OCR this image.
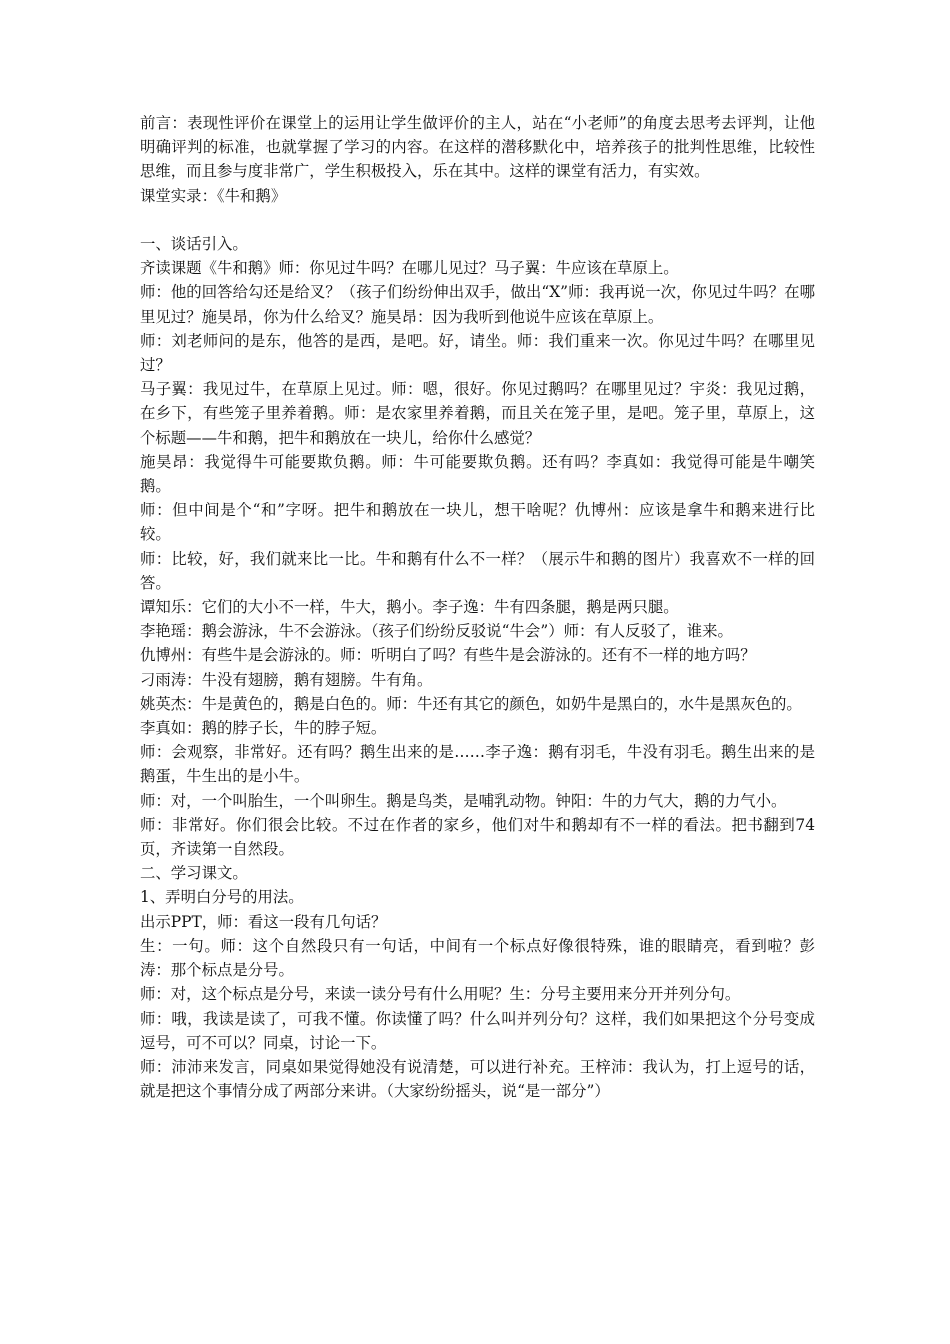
前言：表现性评价在课堂上的运用让学生做评价的主人，站在“小老师”的角度去思考去评判，让他明确评判的标准，也就掌握了学习的内容。在这样的潜移默化中，培养孩子的批判性思维，比较性思维，而且参与度非常广，学生积极投入，乐在其中。这样的课堂有活力，有实效。

课堂实录：《牛和鹅》

一、谈话引入。

齐读课题《牛和鹅》师：你见过牛吗？在哪儿见过？马子翼：牛应该在草原上。

师：他的回答给勾还是给叉？（孩子们纷纷伸出双手，做出“X”师：我再说一次，你见过牛吗？在哪里见过？施昊昂，你为什么给叉？施昊昂：因为我听到他说牛应该在草原上。

师：刘老师问的是东，他答的是西，是吧。好，请坐。师：我们重来一次。你见过牛吗？在哪里见过？

马子翼：我见过牛，在草原上见过。师：嗯，很好。你见过鹅吗？在哪里见过？宇炎：我见过鹅，在乡下，有些笼子里养着鹅。师：是农家里养着鹅，而且关在笼子里，是吧。笼子里，草原上，这个标题——牛和鹅，把牛和鹅放在一块儿，给你什么感觉？

施昊昂：我觉得牛可能要欺负鹅。师：牛可能要欺负鹅。还有吗？李真如：我觉得可能是牛嘲笑鹅。

师：但中间是个“和”字呀。把牛和鹅放在一块儿，想干啥呢？仇博州：应该是拿牛和鹅来进行比较。

师：比较，好，我们就来比一比。牛和鹅有什么不一样？（展示牛和鹅的图片）我喜欢不一样的回答。

谭知乐：它们的大小不一样，牛大，鹅小。李子逸：牛有四条腿，鹅是两只腿。

李艳瑶：鹅会游泳，牛不会游泳。（孩子们纷纷反驳说“牛会”）师：有人反驳了，谁来。

仇博州：有些牛是会游泳的。师：听明白了吗？有些牛是会游泳的。还有不一样的地方吗？

刁雨涛：牛没有翅膀，鹅有翅膀。牛有角。

姚英杰：牛是黄色的，鹅是白色的。师：牛还有其它的颜色，如奶牛是黑白的，水牛是黑灰色的。

李真如：鹅的脖子长，牛的脖子短。

师：会观察，非常好。还有吗？鹅生出来的是……李子逸：鹅有羽毛，牛没有羽毛。鹅生出来的是鹅蛋，牛生出的是小牛。

师：对，一个叫胎生，一个叫卵生。鹅是鸟类，是哺乳动物。钟阳：牛的力气大，鹅的力气小。

师：非常好。你们很会比较。不过在作者的家乡，他们对牛和鹅却有不一样的看法。把书翻到74页，齐读第一自然段。

二、学习课文。

1、弄明白分号的用法。

出示PPT，师：看这一段有几句话？

生：一句。师：这个自然段只有一句话，中间有一个标点好像很特殊，谁的眼睛亮，看到啦？彭涛：那个标点是分号。

师：对，这个标点是分号，来读一读分号有什么用呢？生：分号主要用来分开并列分句。

师：哦，我读是读了，可我不懂。你读懂了吗？什么叫并列分句？这样，我们如果把这个分号变成逗号，可不可以？同桌，讨论一下。

师：沛沛来发言，同桌如果觉得她没有说清楚，可以进行补充。王梓沛：我认为，打上逗号的话，就是把这个事情分成了两部分来讲。（大家纷纷摇头，说“是一部分”）
